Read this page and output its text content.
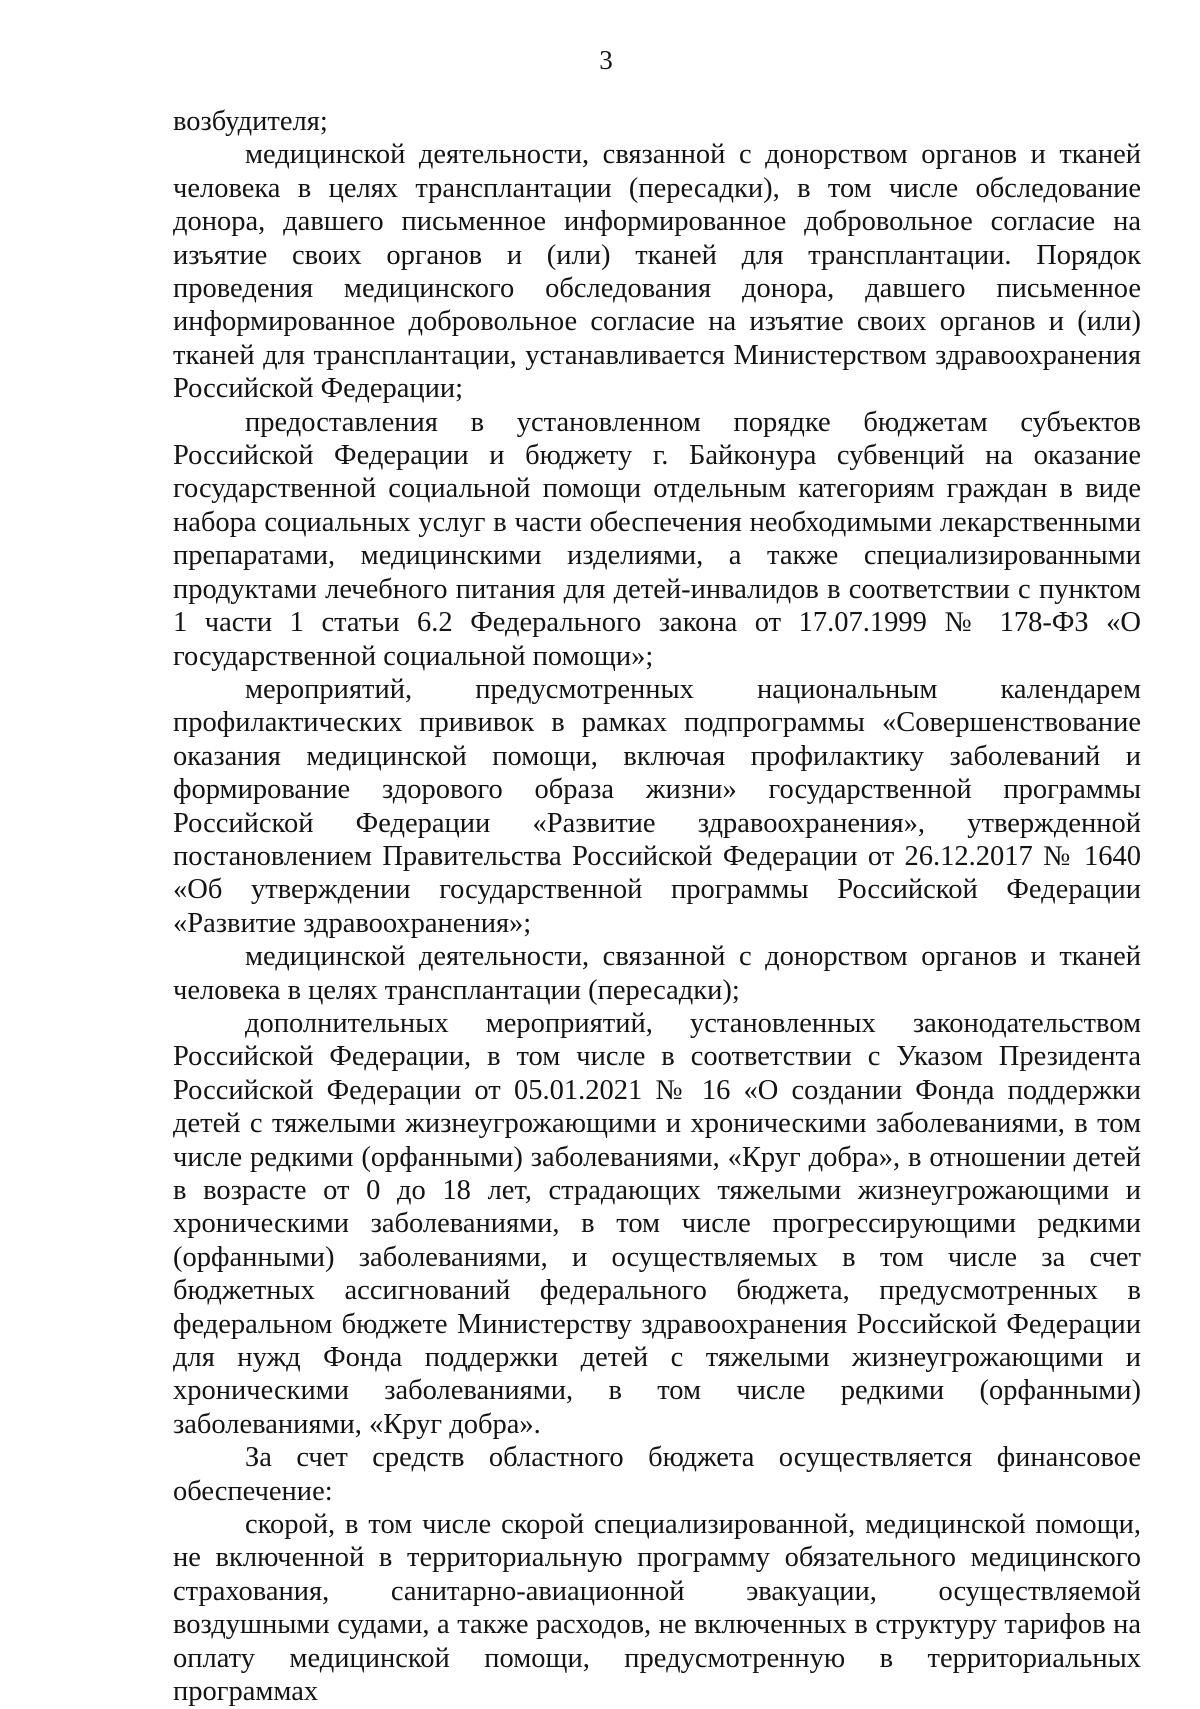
3

возбудителя;

медицинской деятельности, связанной с донорством органов и тканей человека в целях трансплантации (пересадки), в том числе обследование донора, давшего письменное информированное добровольное согласие на изъятие своих органов и (или) тканей для трансплантации. Порядок проведения медицинского обследования донора, давшего письменное информированное добровольное согласие на изъятие своих органов и (или) тканей для трансплантации, устанавливается Министерством здравоохранения Российской Федерации;

предоставления в установленном порядке бюджетам субъектов Российской Федерации и бюджету г. Байконура субвенций на оказание государственной социальной помощи отдельным категориям граждан в виде набора социальных услуг в части обеспечения необходимыми лекарственными препаратами, медицинскими изделиями, а также специализированными продуктами лечебного питания для детей-инвалидов в соответствии с пунктом 1 части 1 статьи 6.2 Федерального закона от 17.07.1999 № 178-ФЗ «О государственной социальной помощи»;

мероприятий, предусмотренных национальным календарем профилактических прививок в рамках подпрограммы «Совершенствование оказания медицинской помощи, включая профилактику заболеваний и формирование здорового образа жизни» государственной программы Российской Федерации «Развитие здравоохранения», утвержденной постановлением Правительства Российской Федерации от 26.12.2017 № 1640 «Об утверждении государственной программы Российской Федерации «Развитие здравоохранения»;

медицинской деятельности, связанной с донорством органов и тканей человека в целях трансплантации (пересадки);

дополнительных мероприятий, установленных законодательством Российской Федерации, в том числе в соответствии с Указом Президента Российской Федерации от 05.01.2021 № 16 «О создании Фонда поддержки детей с тяжелыми жизнеугрожающими и хроническими заболеваниями, в том числе редкими (орфанными) заболеваниями, «Круг добра», в отношении детей в возрасте от 0 до 18 лет, страдающих тяжелыми жизнеугрожающими и хроническими заболеваниями, в том числе прогрессирующими редкими (орфанными) заболеваниями, и осуществляемых в том числе за счет бюджетных ассигнований федерального бюджета, предусмотренных в федеральном бюджете Министерству здравоохранения Российской Федерации для нужд Фонда поддержки детей с тяжелыми жизнеугрожающими и хроническими заболеваниями, в том числе редкими (орфанными) заболеваниями, «Круг добра».

За счет средств областного бюджета осуществляется финансовое обеспечение:

скорой, в том числе скорой специализированной, медицинской помощи, не включенной в территориальную программу обязательного медицинского страхования, санитарно-авиационной эвакуации, осуществляемой воздушными судами, а также расходов, не включенных в структуру тарифов на оплату медицинской помощи, предусмотренную в территориальных программах
